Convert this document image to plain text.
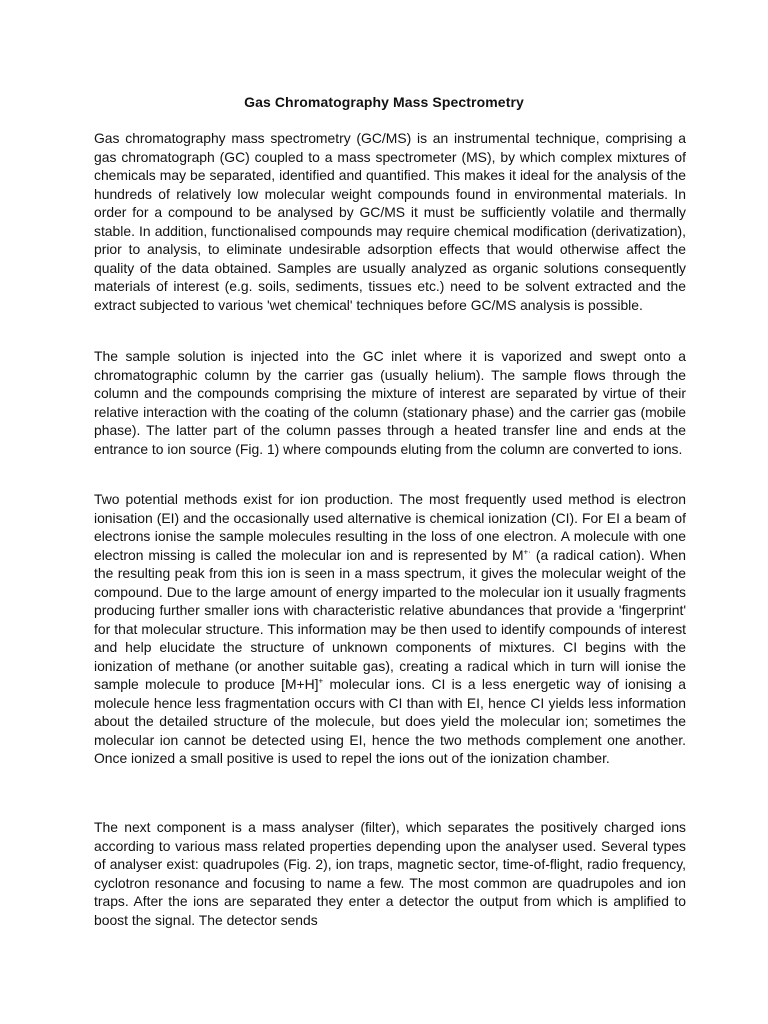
Gas Chromatography Mass Spectrometry

Gas chromatography mass spectrometry (GC/MS) is an instrumental technique, comprising a gas chromatograph (GC) coupled to a mass spectrometer (MS), by which complex mixtures of chemicals may be separated, identified and quantified. This makes it ideal for the analysis of the hundreds of relatively low molecular weight compounds found in environmental materials. In order for a compound to be analysed by GC/MS it must be sufficiently volatile and thermally stable. In addition, functionalised compounds may require chemical modification (derivatization), prior to analysis, to eliminate undesirable adsorption effects that would otherwise affect the quality of the data obtained. Samples are usually analyzed as organic solutions consequently materials of interest (e.g. soils, sediments, tissues etc.) need to be solvent extracted and the extract subjected to various 'wet chemical' techniques before GC/MS analysis is possible.

The sample solution is injected into the GC inlet where it is vaporized and swept onto a chromatographic column by the carrier gas (usually helium). The sample flows through the column and the compounds comprising the mixture of interest are separated by virtue of their relative interaction with the coating of the column (stationary phase) and the carrier gas (mobile phase). The latter part of the column passes through a heated transfer line and ends at the entrance to ion source (Fig. 1) where compounds eluting from the column are converted to ions.

Two potential methods exist for ion production. The most frequently used method is electron ionisation (EI) and the occasionally used alternative is chemical ionization (CI). For EI a beam of electrons ionise the sample molecules resulting in the loss of one electron. A molecule with one electron missing is called the molecular ion and is represented by M+· (a radical cation). When the resulting peak from this ion is seen in a mass spectrum, it gives the molecular weight of the compound. Due to the large amount of energy imparted to the molecular ion it usually fragments producing further smaller ions with characteristic relative abundances that provide a 'fingerprint' for that molecular structure. This information may be then used to identify compounds of interest and help elucidate the structure of unknown components of mixtures. CI begins with the ionization of methane (or another suitable gas), creating a radical which in turn will ionise the sample molecule to produce [M+H]+ molecular ions. CI is a less energetic way of ionising a molecule hence less fragmentation occurs with CI than with EI, hence CI yields less information about the detailed structure of the molecule, but does yield the molecular ion; sometimes the molecular ion cannot be detected using EI, hence the two methods complement one another. Once ionized a small positive is used to repel the ions out of the ionization chamber.

The next component is a mass analyser (filter), which separates the positively charged ions according to various mass related properties depending upon the analyser used. Several types of analyser exist: quadrupoles (Fig. 2), ion traps, magnetic sector, time-of-flight, radio frequency, cyclotron resonance and focusing to name a few. The most common are quadrupoles and ion traps. After the ions are separated they enter a detector the output from which is amplified to boost the signal. The detector sends
